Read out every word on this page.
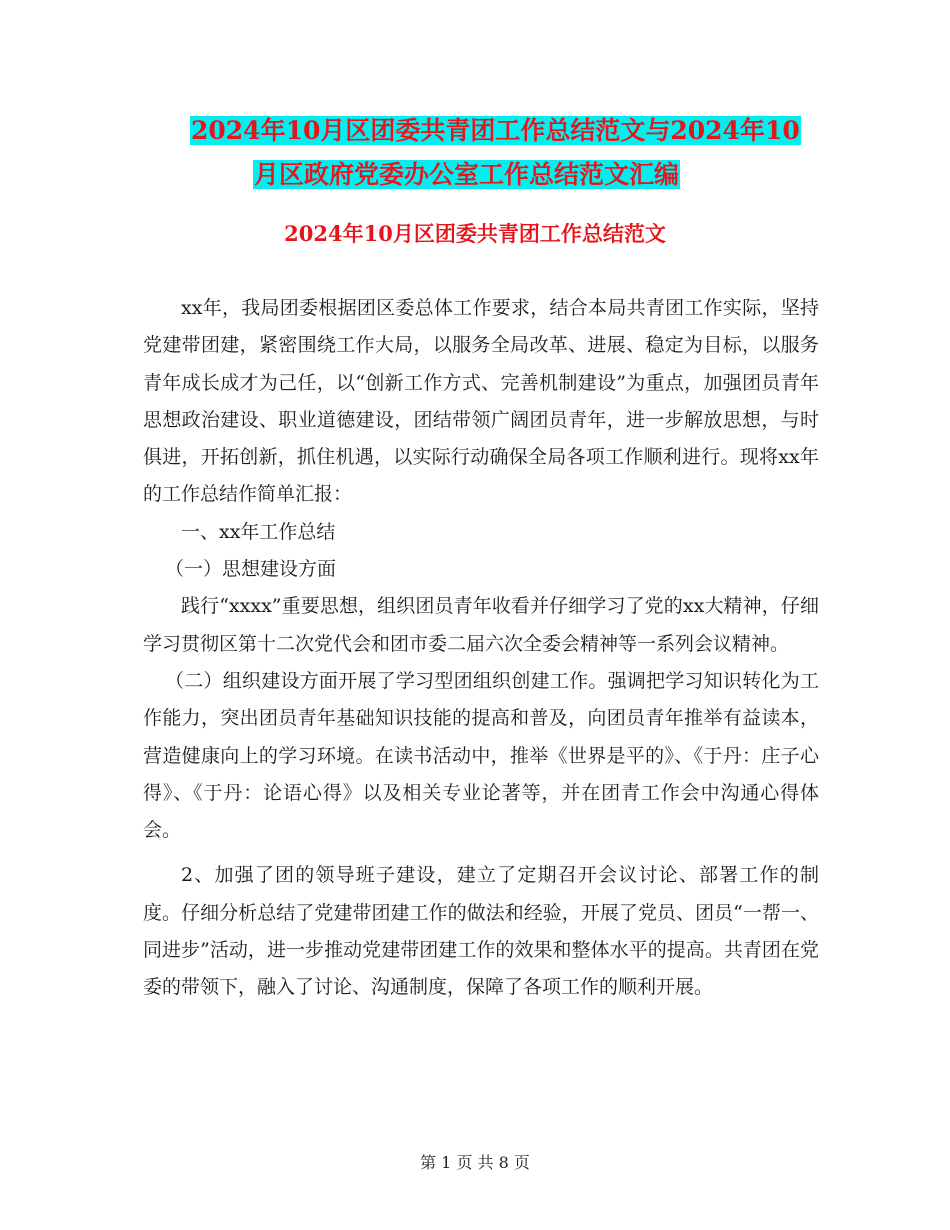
2024年10月区团委共青团工作总结范文与2024年10
月区政府党委办公室工作总结范文汇编
2024年10月区团委共青团工作总结范文

xx年，我局团委根据团区委总体工作要求，结合本局共青团工作实际，坚持党建带团建，紧密围绕工作大局，以服务全局改革、进展、稳定为目标，以服务青年成长成才为己任，以“创新工作方式、完善机制建设”为重点，加强团员青年思想政治建设、职业道德建设，团结带领广阔团员青年，进一步解放思想，与时俱进，开拓创新，抓住机遇，以实际行动确保全局各项工作顺利进行。现将xx年的工作总结作简单汇报：

一、xx年工作总结

（一）思想建设方面

践行“xxxx”重要思想，组织团员青年收看并仔细学习了党的xx大精神，仔细学习贯彻区第十二次党代会和团市委二届六次全委会精神等一系列会议精神。

（二）组织建设方面开展了学习型团组织创建工作。强调把学习知识转化为工作能力，突出团员青年基础知识技能的提高和普及，向团员青年推举有益读本，营造健康向上的学习环境。在读书活动中，推举《世界是平的》、《于丹：庄子心得》、《于丹：论语心得》以及相关专业论著等，并在团青工作会中沟通心得体会。

2、加强了团的领导班子建设，建立了定期召开会议讨论、部署工作的制度。仔细分析总结了党建带团建工作的做法和经验，开展了党员、团员“一帮一、同进步”活动，进一步推动党建带团建工作的效果和整体水平的提高。共青团在党委的带领下，融入了讨论、沟通制度，保障了各项工作的顺利开展。

第 1 页 共 8 页
